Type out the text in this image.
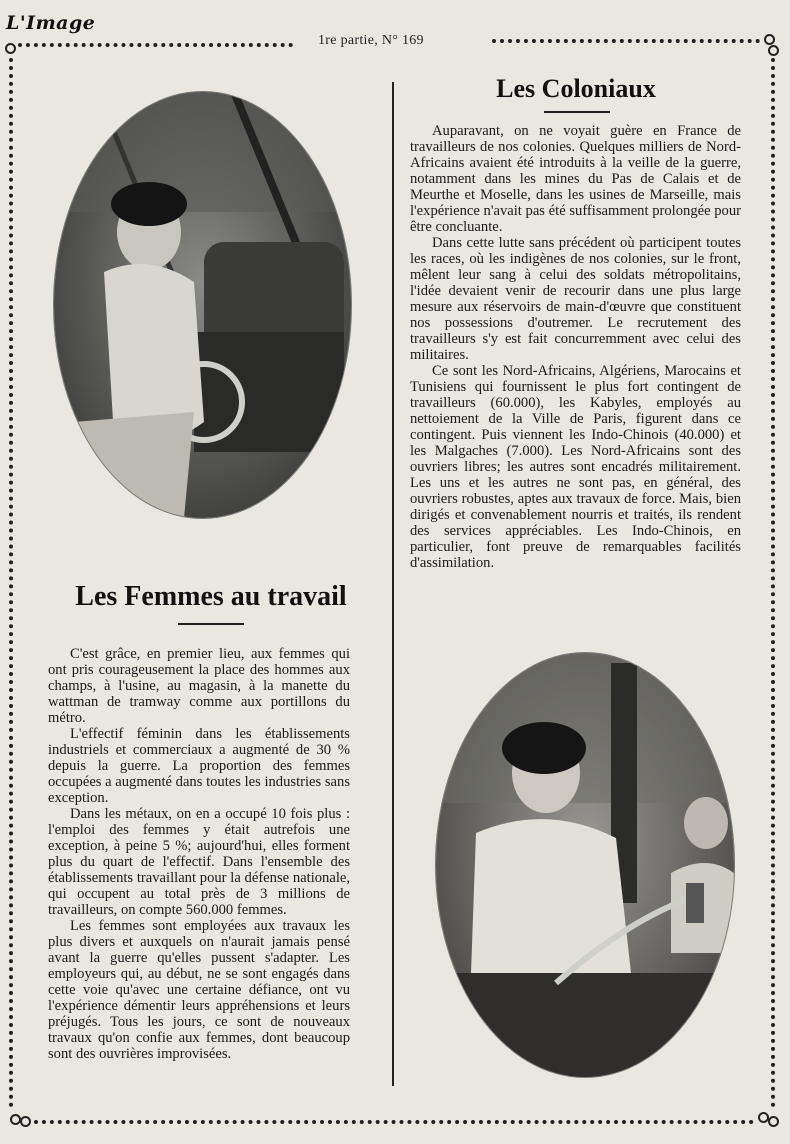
L'Image
1re partie, N° 169
Les Coloniaux

Auparavant, on ne voyait guère en France de travailleurs de nos colonies. Quelques milliers de Nord-Africains avaient été introduits à la veille de la guerre, notamment dans les mines du Pas de Calais et de Meurthe et Moselle, dans les usines de Marseille, mais l'expérience n'avait pas été suffisamment prolongée pour être concluante.

Dans cette lutte sans précédent où participent toutes les races, où les indigènes de nos colonies, sur le front, mêlent leur sang à celui des soldats métropolitains, l'idée devaient venir de recourir dans une plus large mesure aux réservoirs de main-d'œuvre que constituent nos possessions d'outremer. Le recrutement des travailleurs s'y est fait concurremment avec celui des militaires.

Ce sont les Nord-Africains, Algériens, Marocains et Tunisiens qui fournissent le plus fort contingent de travailleurs (60.000), les Kabyles, employés au nettoiement de la Ville de Paris, figurent dans ce contingent. Puis viennent les Indo-Chinois (40.000) et les Malgaches (7.000). Les Nord-Africains sont des ouvriers libres; les autres sont encadrés militairement. Les uns et les autres ne sont pas, en général, des ouvriers robustes, aptes aux travaux de force. Mais, bien dirigés et convenablement nourris et traités, ils rendent des services appréciables. Les Indo-Chinois, en particulier, font preuve de remarquables facilités d'assimilation.

Les Femmes au travail

C'est grâce, en premier lieu, aux femmes qui ont pris courageusement la place des hommes aux champs, à l'usine, au magasin, à la manette du wattman de tramway comme aux portillons du métro.

L'effectif féminin dans les établissements industriels et commerciaux a augmenté de 30 % depuis la guerre. La proportion des femmes occupées a augmenté dans toutes les industries sans exception.

Dans les métaux, on en a occupé 10 fois plus : l'emploi des femmes y était autrefois une exception, à peine 5 %; aujourd'hui, elles forment plus du quart de l'effectif. Dans l'ensemble des établissements travaillant pour la défense nationale, qui occupent au total près de 3 millions de travailleurs, on compte 560.000 femmes.

Les femmes sont employées aux travaux les plus divers et auxquels on n'aurait jamais pensé avant la guerre qu'elles pussent s'adapter. Les employeurs qui, au début, ne se sont engagés dans cette voie qu'avec une certaine défiance, ont vu l'expérience démentir leurs appréhensions et leurs préjugés. Tous les jours, ce sont de nouveaux travaux qu'on confie aux femmes, dont beaucoup sont des ouvrières improvisées.
